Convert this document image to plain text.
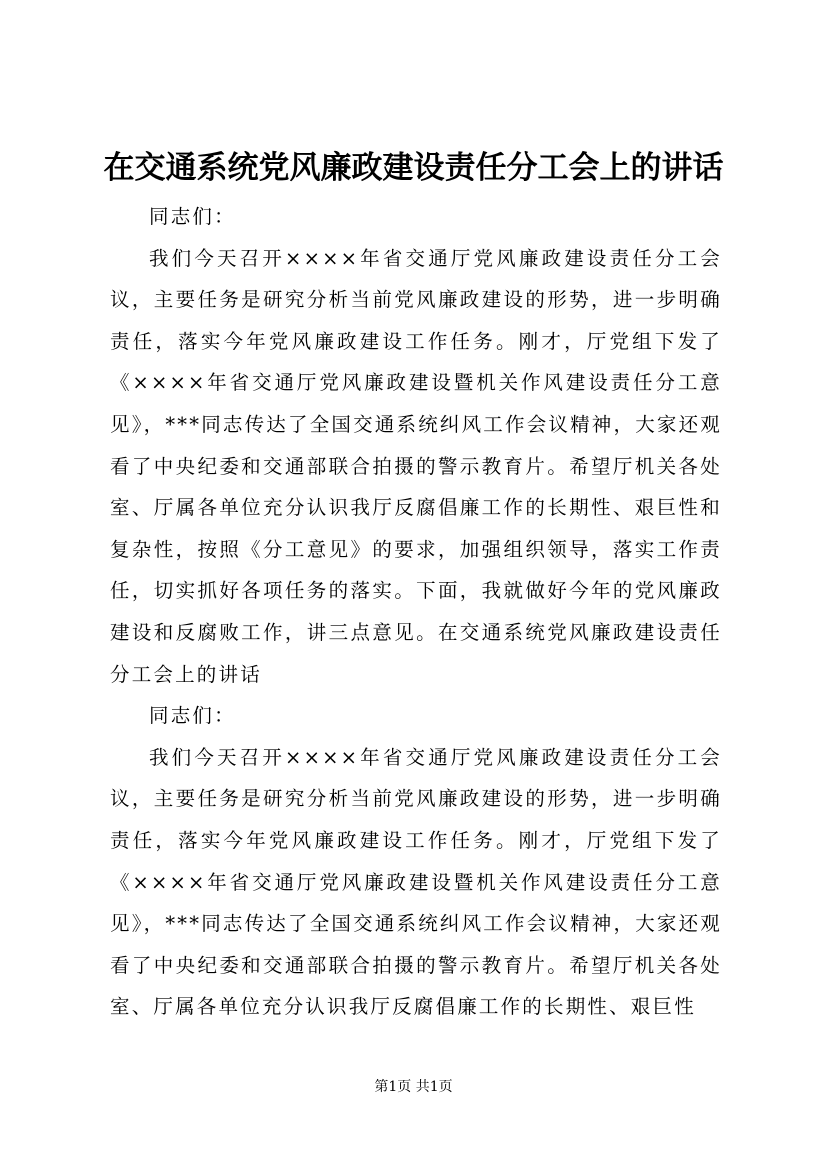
在交通系统党风廉政建设责任分工会上的讲话

同志们：

我们今天召开××××年省交通厅党风廉政建设责任分工会议，主要任务是研究分析当前党风廉政建设的形势，进一步明确责任，落实今年党风廉政建设工作任务。刚才，厅党组下发了《××××年省交通厅党风廉政建设暨机关作风建设责任分工意见》，***同志传达了全国交通系统纠风工作会议精神，大家还观看了中央纪委和交通部联合拍摄的警示教育片。希望厅机关各处室、厅属各单位充分认识我厅反腐倡廉工作的长期性、艰巨性和复杂性，按照《分工意见》的要求，加强组织领导，落实工作责任，切实抓好各项任务的落实。下面，我就做好今年的党风廉政建设和反腐败工作，讲三点意见。在交通系统党风廉政建设责任分工会上的讲话

同志们：

我们今天召开××××年省交通厅党风廉政建设责任分工会议，主要任务是研究分析当前党风廉政建设的形势，进一步明确责任，落实今年党风廉政建设工作任务。刚才，厅党组下发了《××××年省交通厅党风廉政建设暨机关作风建设责任分工意见》，***同志传达了全国交通系统纠风工作会议精神，大家还观看了中央纪委和交通部联合拍摄的警示教育片。希望厅机关各处室、厅属各单位充分认识我厅反腐倡廉工作的长期性、艰巨性

第1页 共1页
